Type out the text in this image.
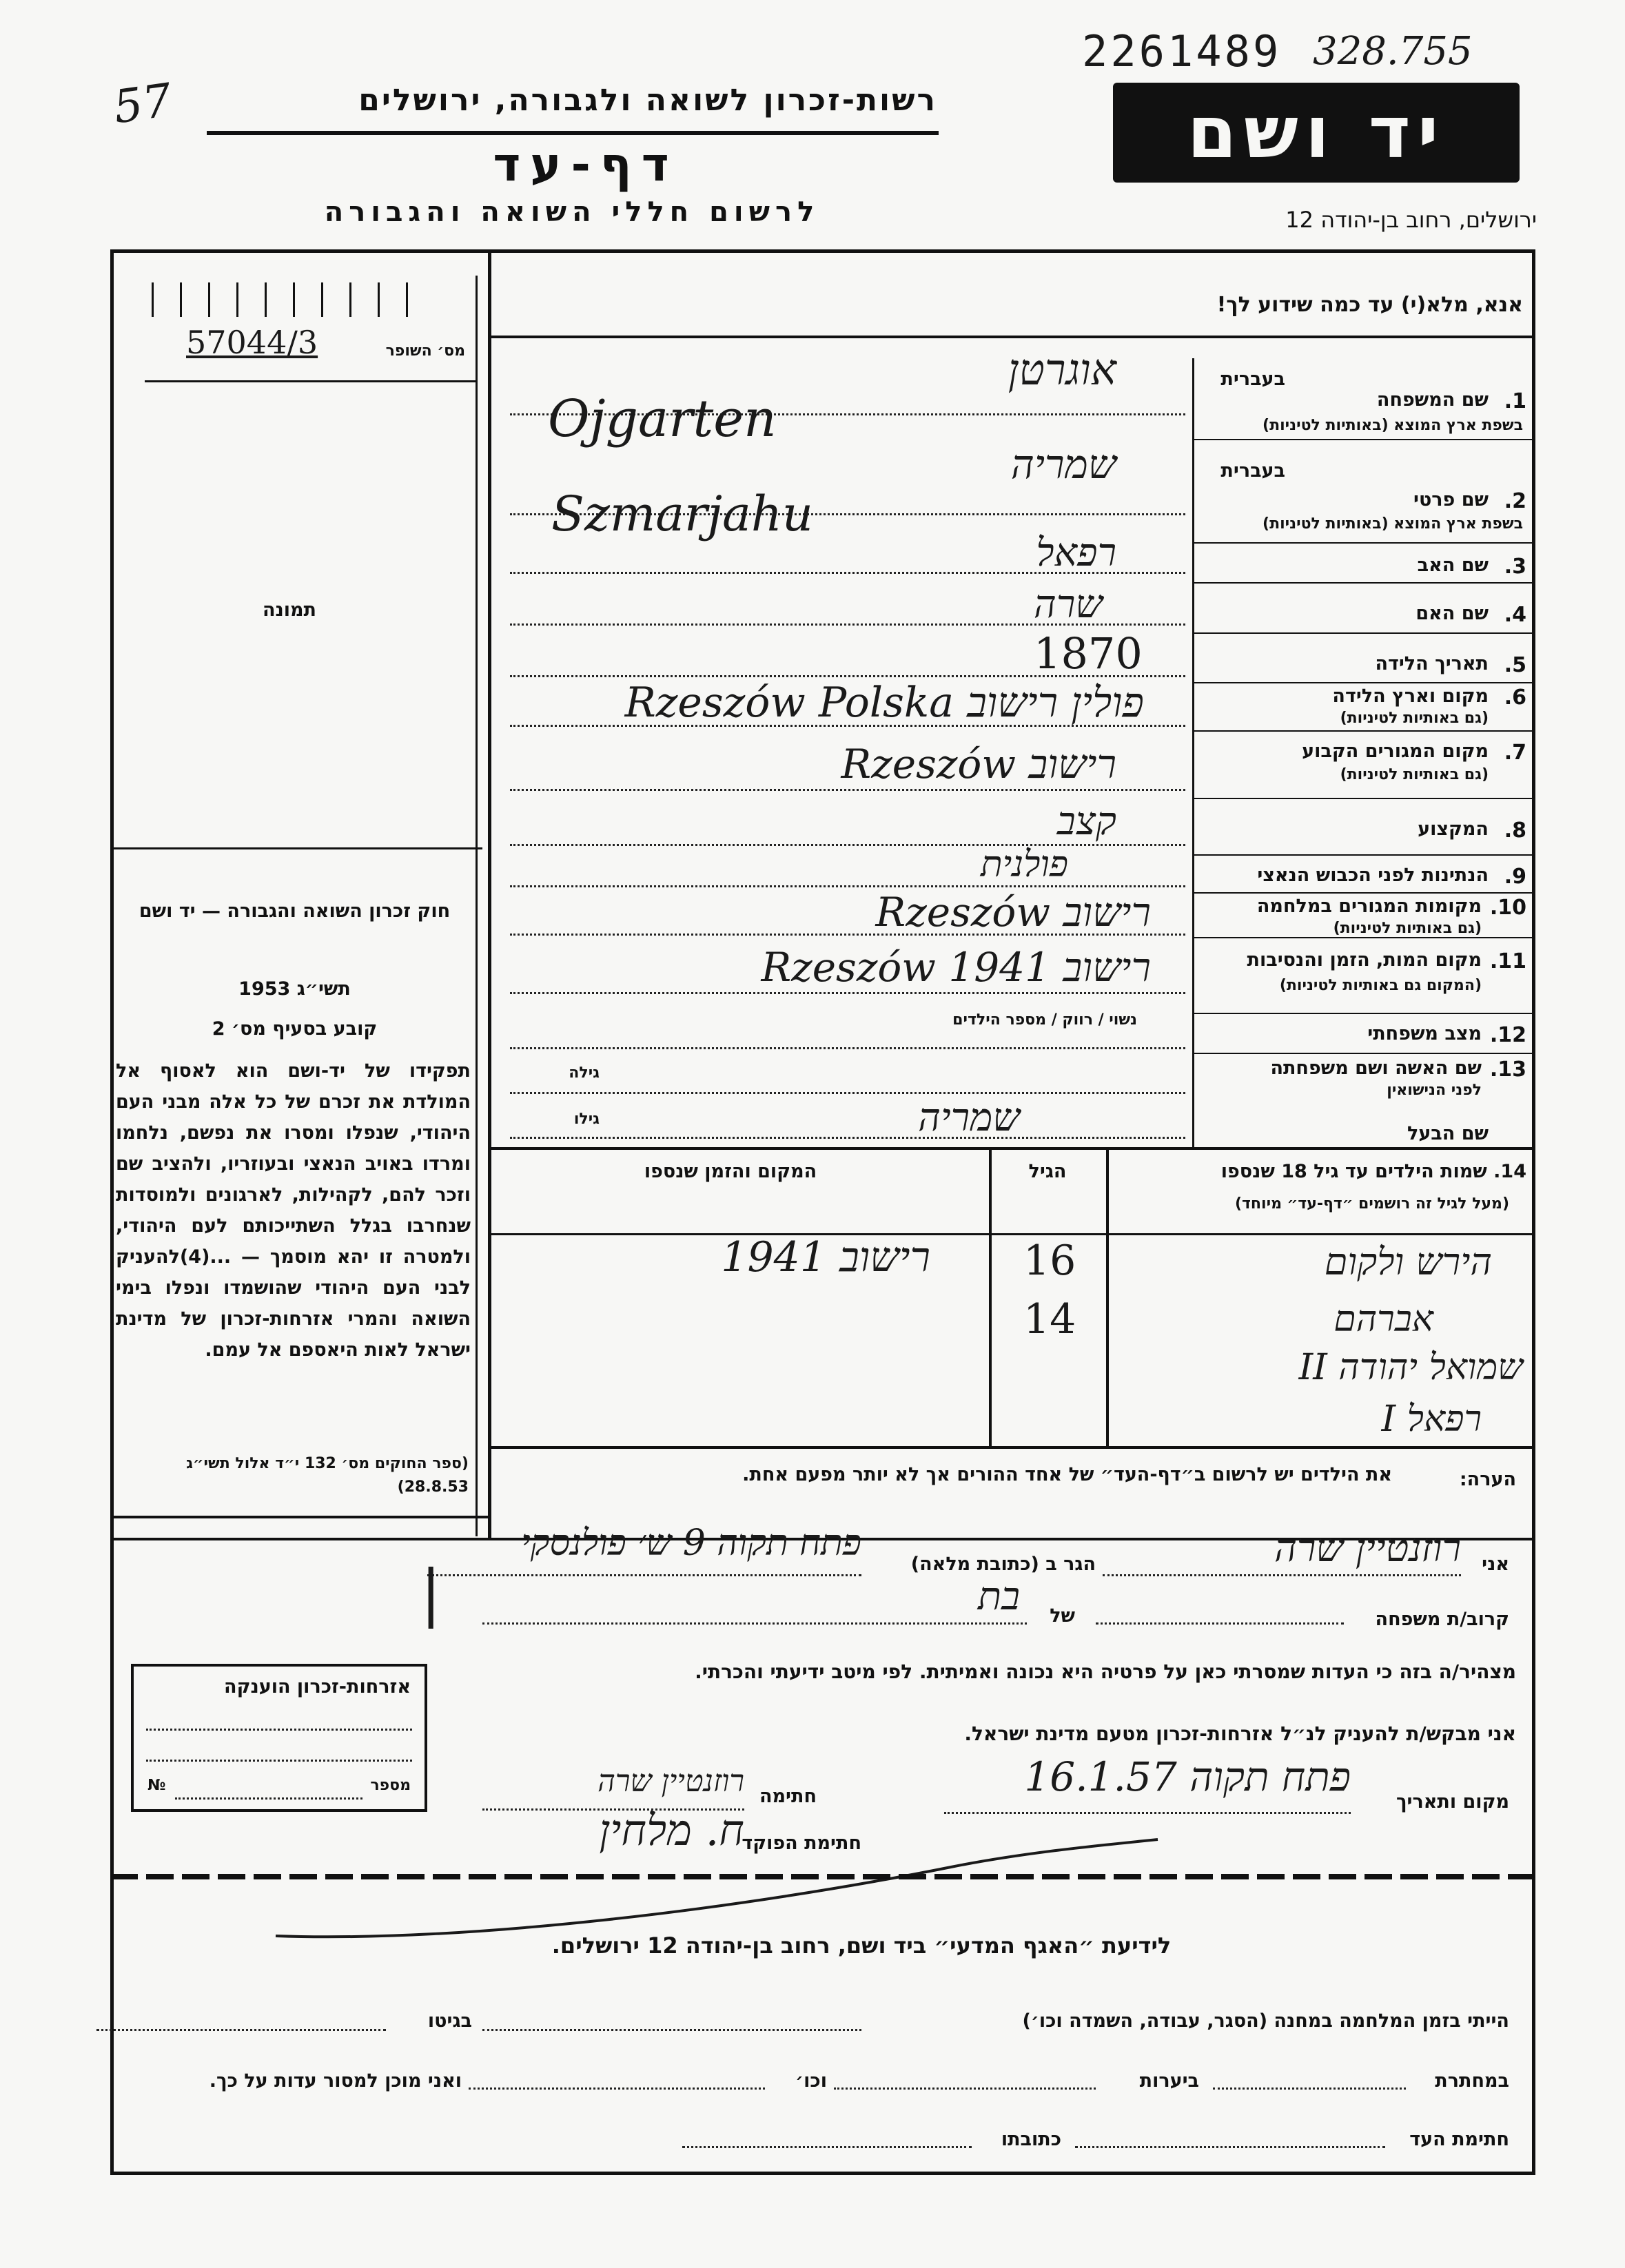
2261489 328.755
57	רשות-זכרון לשואה ולגבורה, ירושלים
דף-עד
לרשום חללי השואה והגבורה
יד ושם
ירושלים, רחוב בן-יהודה 12
מס׳ השופר
57044/3
תמונה
חוק זכרון השואה והגבורה — יד ושם
תשי״ג 1953
קובע בסעיף מס׳ 2
תפקידו של יד-ושם הוא לאסוף אל המולדת את זכרם של כל אלה מבני העם היהודי, שנפלו ומסרו את נפשם, נלחמו ומרדו באויב הנאצי ובעוזריו, ולהציב שם וזכר להם, לקהילות, לארגונים ולמוסדות שנחרבו בגלל השתייכותם לעם היהודי, ולמטרה זו יהא מוסמך — ...(4)להעניק לבני העם היהודי שהושמדו ונפלו בימי השואה והמרי אזרחות-זכרון של מדינת ישראל לאות היאספם אל עמם.
(ספר החוקים מס׳ 132 י״ד אלול תשי״ג 28.8.53)
אנא, מלא(י) עד כמה שידוע לך!
בעברית
1.
שם המשפחה
בשפת ארץ המוצא (באותיות לטיניות)
אוגרטן
Ojgarten
בעברית
2.
שם פרטי
בשפת ארץ המוצא (באותיות לטיניות)
שמריה
Szmarjahu
3.
שם האב
רפאל
4.
שם האם
שרה
5.
תאריך הלידה
1870
6.
מקום וארץ הלידה
(גם באותיות לטיניות)
פולין רישוב Rzeszów Polska
7.
מקום המגורים הקבוע
(גם באותיות לטיניות)
רישוב Rzeszów
8.
המקצוע
קצב
9.
הנתינות לפני הכבוש הנאצי
פולנית
10.
מקומות המגורים במלחמה
(גם באותיות לטיניות)
רישוב Rzeszów
11.
מקום המות, הזמן והנסיבות
(המקום גם באותיות לטיניות)
רישוב 1941 Rzeszów
12.
מצב משפחתי
נשוי / רווק / מספר הילדים
13.
שם האשה ושם משפחתה
לפני הנישואין
גילה
שם הבעל
שמריה
גילו
14. שמות הילדים עד גיל 18 שנספו
(מעל לגיל זה רושמים ״דף-עד״ מיוחד)
הגיל
המקום והזמן שנספו
הירש ולקום
16
רישוב 1941
אברהם
14
שמואל יהודה II
רפאל I
הערה:
את הילדים יש לרשום ב״דף-העד״ של אחד ההורים אך לא יותר מפעם אחת.
אני
רוזנטיין שרה
הגר ב (כתובת מלאה)
פתח תקוה 9 ש׳ פולנסקי
קרוב/ת משפחה
של
בת
|
מצהיר/ה בזה כי העדות שמסרתי כאן על פרטיה היא נכונה ואמיתית. לפי מיטב ידיעתי והכרתי.
אני מבקש/ת להעניק לנ״ל אזרחות-זכרון מטעם מדינת ישראל.
מקום ותאריך
פתח תקוה 16.1.57
חתימה
רוזנטיין שרה
חתימת הפוקד
ח. מלחין
אזרחות-זכרון הוענקה
מספר
№
לידיעת ״האגף המדעי״ ביד ושם, רחוב בן-יהודה 12 ירושלים.
הייתי בזמן המלחמה במחנה (הסגר, עבודה, השמדה וכו׳)
בגיטו
במחתרת
ביערות
וכו׳
ואני מוכן למסור עדות על כך.
חתימת העד
כתובתו
